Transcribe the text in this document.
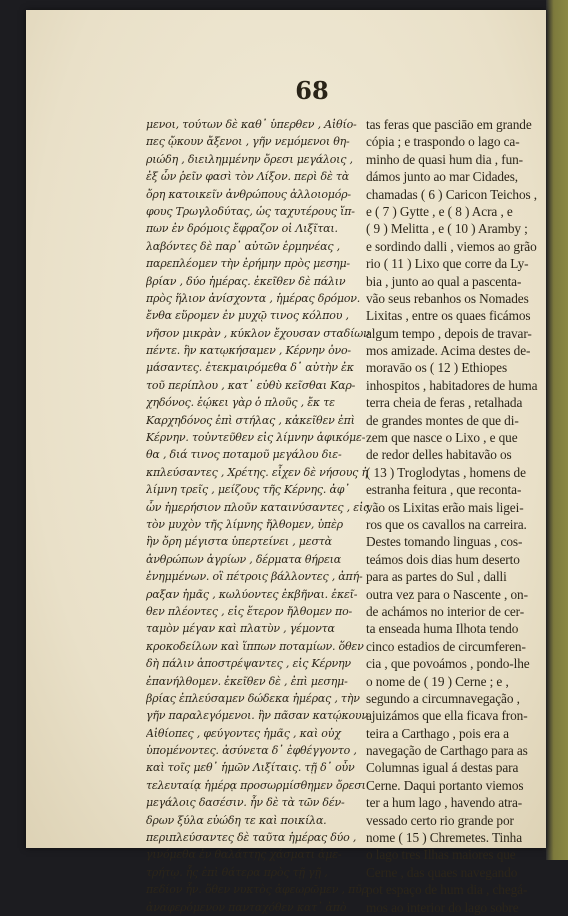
68
μενοι, τούτων δὲ καθ᾽ ὑπερθεν , Αἰθίο-
πες ᾤκουν ἄξενοι , γῆν νεμόμενοι θη-
ριώδη , διειλημμένην ὄρεσι μεγάλοις ,
ἐξ ὧν ῥεῖν φασὶ τὸν Λίξον. περὶ δὲ τὰ
ὄρη κατοικεῖν ἀνθρώπους ἀλλοιομόρ-
φους Τρωγλοδύτας, ὡς ταχυτέρους ἵπ-
πων ἐν δρόμοις ἔφραζον οἱ Λιξῖται.
λαβόντες δὲ παρ᾽ αὐτῶν ἑρμηνέας ,
παρεπλέομεν τὴν ἐρήμην πρὸς μεσημ-
βρίαν , δύο ἡμέρας. ἐκεῖθεν δὲ πάλιν
πρὸς ἥλιον ἀνίσχοντα , ἡμέρας δρόμον.
ἔνθα εὕρομεν ἐν μυχῷ τινος κόλπου ,
νῆσον μικρὰν , κύκλον ἔχουσαν σταδίων
πέντε. ἣν κατῳκήσαμεν , Κέρνην ὀνο-
μάσαντες. ἐτεκμαιρόμεθα δ᾽ αὐτὴν ἐκ
τοῦ περίπλου , κατ᾽ εὐθὺ κεῖσθαι Καρ-
χηδόνος. ἐῴκει γὰρ ὁ πλοῦς , ἔκ τε
Καρχηδόνος ἐπὶ στήλας , κἀκεῖθεν ἐπὶ
Κέρνην. τοὐντεῦθεν εἰς λίμνην ἀφικόμε-
θα , διά τινος ποταμοῦ μεγάλου διε-
κπλεύσαντες , Χρέτης. εἶχεν δὲ νήσους ἡ
λίμνη τρεῖς , μείζους τῆς Κέρνης. ἀφ᾽
ὧν ἡμερήσιον πλοῦν καταινύσαντες , εἰς
τὸν μυχὸν τῆς λίμνης ἤλθομεν, ὑπὲρ
ἣν ὄρη μέγιστα ὑπερτείνει , μεστὰ
ἀνθρώπων ἀγρίων , δέρματα θήρεια
ἐνημμένων. οἳ πέτροις βάλλοντες , ἀπή-
ραξαν ἡμᾶς , κωλύοντες ἐκβῆναι. ἐκεῖ-
θεν πλέοντες , εἰς ἕτερον ἤλθομεν πο-
ταμὸν μέγαν καὶ πλατὺν , γέμοντα
κροκοδείλων καὶ ἵππων ποταμίων. ὅθεν
δὴ πάλιν ἀποστρέψαντες , εἰς Κέρνην
ἐπανήλθομεν. ἐκεῖθεν δὲ , ἐπὶ μεσημ-
βρίας ἐπλεύσαμεν δώδεκα ἡμέρας , τὴν
γῆν παραλεγόμενοι. ἣν πᾶσαν κατῴκουν
Αἰθίοπες , φεύγοντες ἡμᾶς , καὶ οὐχ
ὑπομένοντες. ἀσύνετα δ᾽ ἐφθέγγοντο ,
καὶ τοῖς μεθ᾽ ἡμῶν Λιξίταις. τῇ δ᾽ οὖν
τελευταίᾳ ἡμέρᾳ προσωρμίσθημεν ὄρεσι
μεγάλοις δασέσιν. ἦν δὲ τὰ τῶν δέν-
δρων ξύλα εὐώδη τε καὶ ποικίλα.
περιπλεύσαντες δὲ ταῦτα ἡμέρας δύο ,
γινόμεθα ἐν θαλάττης χάσματι ἀμε-
τρήτῳ. ἧς ἐπὶ θάτερα πρὸς τῇ γῇ ,
πεδίον ἦν. ὅθεν νυκτὸς ἀφεωρῶμεν , πῦρ
ἀναφερόμενον πανταχόθεν κατ᾽ ἀπὸ
tas feras que pasciāo em grande
cópia ; e traspondo o lago ca-
minho de quasi hum dia , fun-
dámos junto ao mar Cidades,
chamadas ( 6 ) Caricon Teichos ,
e ( 7 ) Gytte , e ( 8 ) Acra , e
( 9 ) Melitta , e ( 10 ) Aramby ;
e sordindo dalli , viemos ao grão
rio ( 11 ) Lixo que corre da Ly-
bia , junto ao qual a pascenta-
vão seus rebanhos os Nomades
Lixitas , entre os quaes ficámos
algum tempo , depois de travar-
mos amizade. Acima destes de-
moravāo os ( 12 ) Ethiopes
inhospitos , habitadores de huma
terra cheia de feras , retalhada
de grandes montes de que di-
zem que nasce o Lixo , e que
de redor delles habitavão os
( 13 ) Troglodytas , homens de
estranha feitura , que reconta-
vão os Lixitas erão mais ligei-
ros que os cavallos na carreira.
Destes tomando linguas , cos-
teámos dois dias hum deserto
para as partes do Sul , dalli
outra vez para o Nascente , on-
de achámos no interior de cer-
ta enseada huma Ilhota tendo
cinco estadios de circumferen-
cia , que povoámos , pondo-lhe
o nome de ( 19 ) Cerne ; e ,
segundo a circumnavegação ,
ajuizámos que ella ficava fron-
teira a Carthago , pois era a
navegação de Carthago para as
Columnas igual á destas para
Cerne. Daqui portanto viemos
ter a hum lago , havendo atra-
vessado certo rio grande por
nome ( 15 ) Chremetes. Tinha
o lago tres Ilhas maiores que
Cerne , das quaes navegando
pot espaço de hum dia , chegá-
mos ao interior do lago sobre
